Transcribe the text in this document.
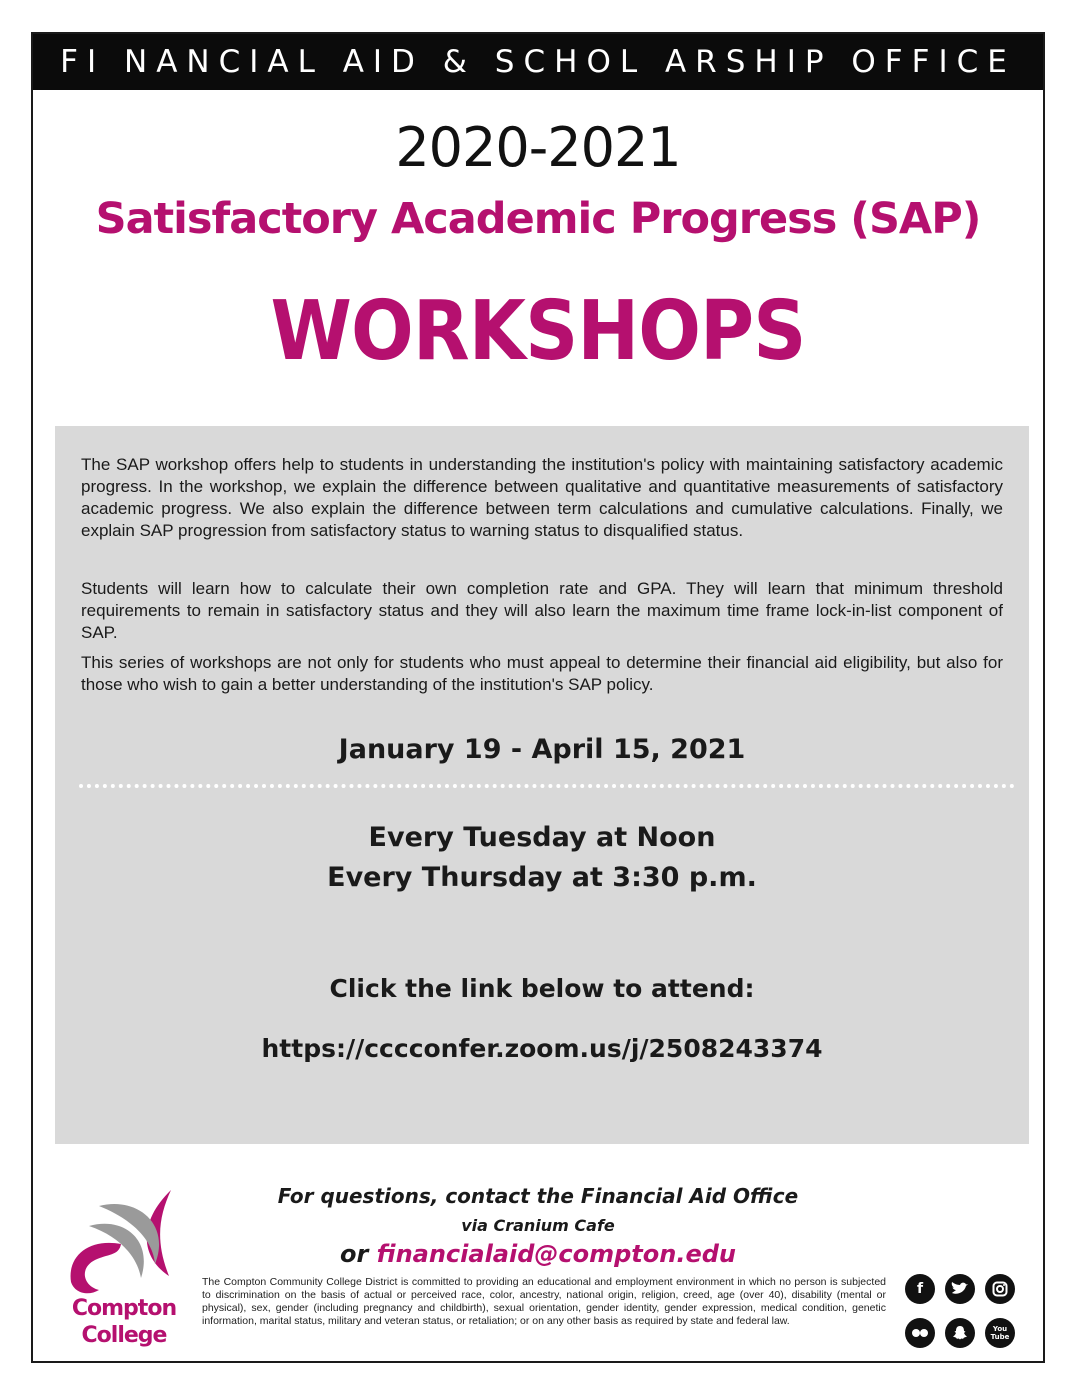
FI NANCIAL AID & SCHOL ARSHIP OFFICE
2020-2021
Satisfactory Academic Progress (SAP)
WORKSHOPS

The SAP workshop offers help to students in understanding the institution's policy with maintaining satisfactory academic progress. In the workshop, we explain the difference between qualitative and quantitative measurements of satisfactory academic progress. We also explain the difference between term calculations and cumulative calculations. Finally, we explain SAP progression from satisfactory status to warning status to disqualified status.

Students will learn how to calculate their own completion rate and GPA. They will learn that minimum threshold requirements to remain in satisfactory status and they will also learn the maximum time frame lock-in-list component of SAP.

This series of workshops are not only for students who must appeal to determine their financial aid eligibility, but also for those who wish to gain a better understanding of the institution's SAP policy.

January 19 - April 15, 2021
Every Tuesday at Noon
Every Thursday at 3:30 p.m.
Click the link below to attend:
https://cccconfer.zoom.us/j/2508243374
Compton
College
For questions, contact the Financial Aid Office
via Cranium Cafe
or financialaid@compton.edu

The Compton Community College District is committed to providing an educational and employment environment in which no person is subjected to discrimination on the basis of actual or perceived race, color, ancestry, national origin, religion, creed, age (over 40), disability (mental or physical), sex, gender (including pregnancy and childbirth), sexual orientation, gender identity, gender expression, medical condition, genetic information, marital status, military and veteran status, or retaliation; or on any other basis as required by state and federal law.

f
You Tube
